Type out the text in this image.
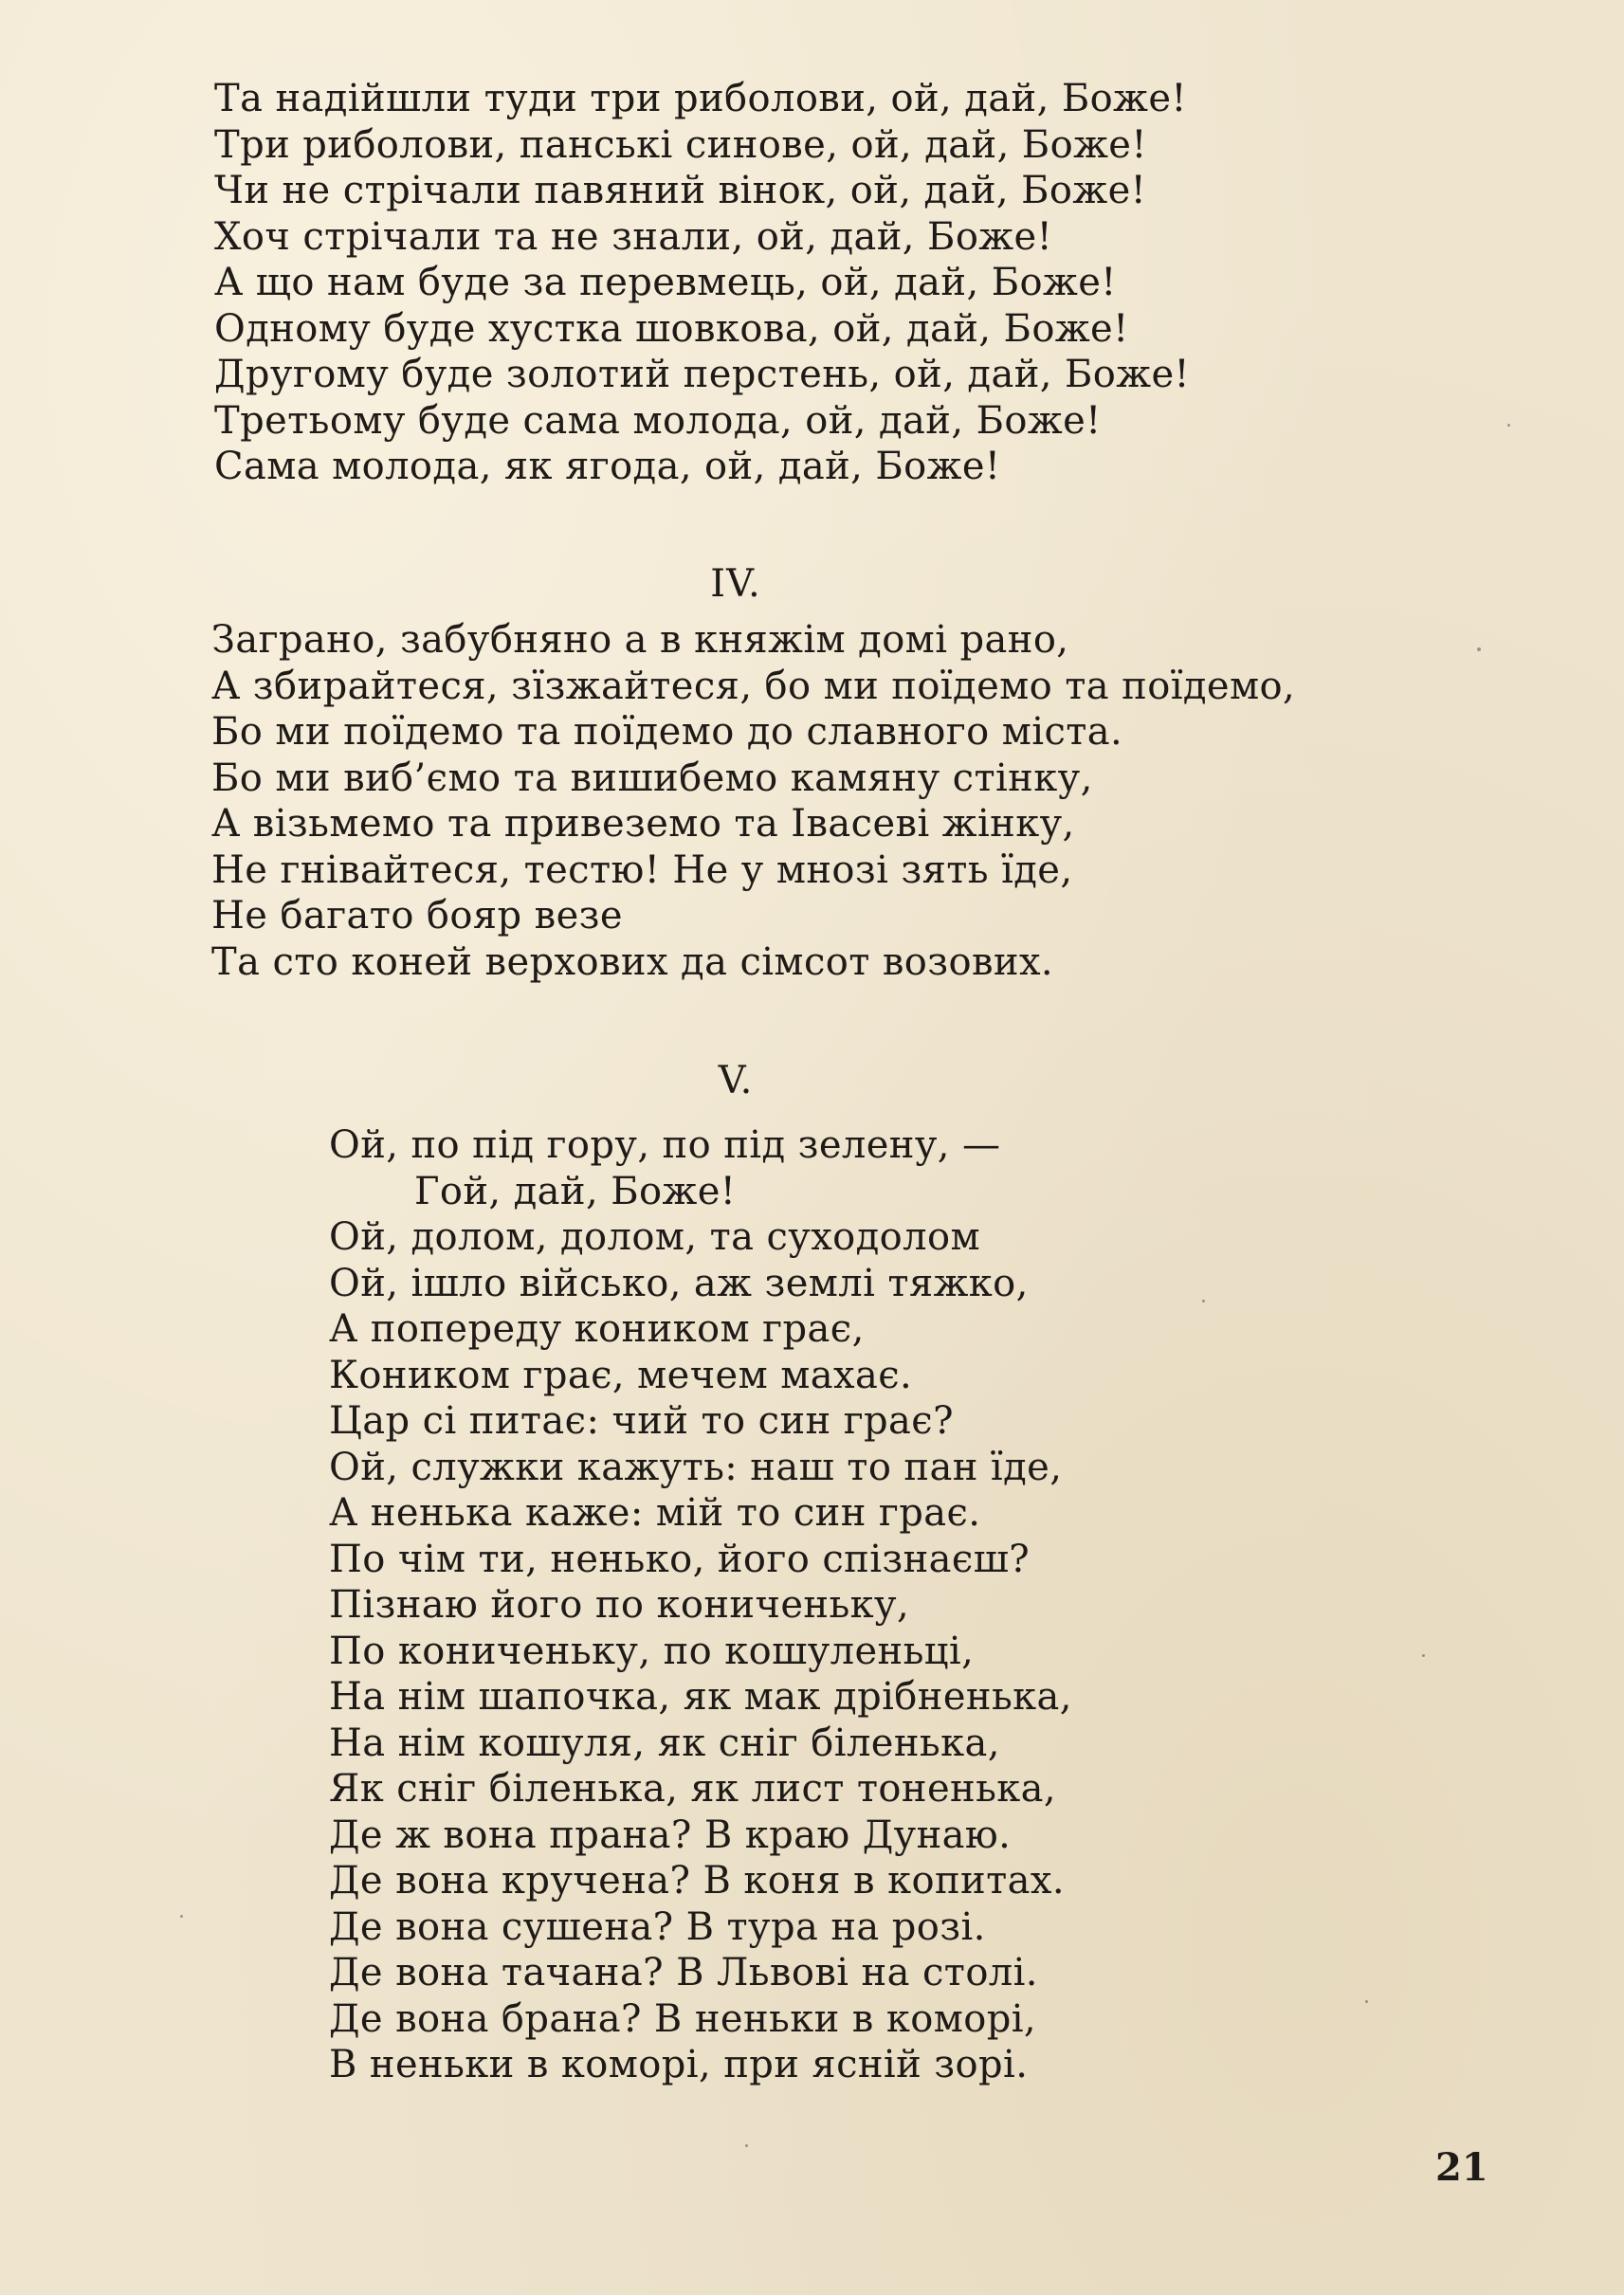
Та надійшли туди три риболови, ой, дай, Боже!
Три риболови, панські синове, ой, дай, Боже!
Чи не стрічали павяний вінок, ой, дай, Боже!
Хоч стрічали та не знали, ой, дай, Боже!
А що нам буде за перевмець, ой, дай, Боже!
Одному буде хустка шовкова, ой, дай, Боже!
Другому буде золотий перстень, ой, дай, Боже!
Третьому буде сама молода, ой, дай, Боже!
Сама молода, як ягода, ой, дай, Боже!
IV.
Заграно, забубняно а в княжім домі рано,
А збирайтеся, зїзжайтеся, бо ми поїдемо та поїдемо,
Бо ми поїдемо та поїдемо до славного міста.
Бо ми виб’ємо та вишибемо камяну стінку,
А візьмемо та привеземо та Івасеві жінку,
Не гнівайтеся, тестю! Не у мнозі зять їде,
Не багато бояр везе
Та сто коней верхових да сімсот возових.
V.
Ой, по під гору, по під зелену, —
Гой, дай, Боже!
Ой, долом, долом, та суходолом
Ой, ішло військо, аж землі тяжко,
А попереду коником грає,
Коником грає, мечем махає.
Цар сі питає: чий то син грає?
Ой, служки кажуть: наш то пан їде,
А ненька каже: мій то син грає.
По чім ти, ненько, його спізнаєш?
Пізнаю його по кониченьку,
По кониченьку, по кошуленьці,
На нім шапочка, як мак дрібненька,
На нім кошуля, як сніг біленька,
Як сніг біленька, як лист тоненька,
Де ж вона прана? В краю Дунаю.
Де вона кручена? В коня в копитах.
Де вона сушена? В тура на розі.
Де вона тачана? В Львові на столі.
Де вона брана? В неньки в коморі,
В неньки в коморі, при ясній зорі.
21
